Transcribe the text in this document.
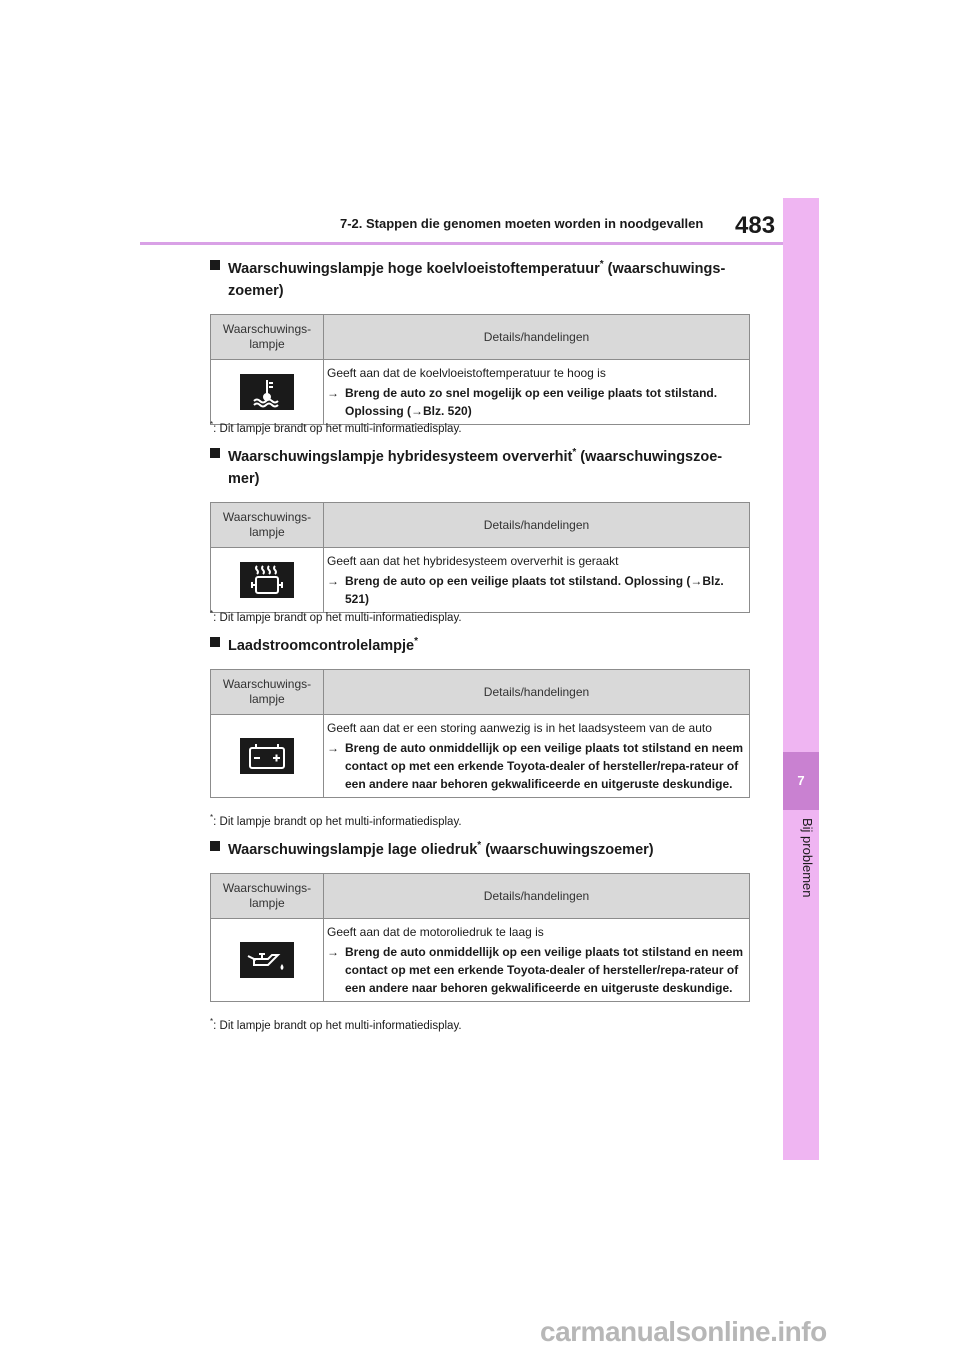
7-2. Stappen die genomen moeten worden in noodgevallen 483
7
Bij problemen
Waarschuwingslampje hoge koelvloeistoftemperatuur* (waarschuwings-
zoemer)
Waarschuwings-
lampje	Details/handelingen

Geeft aan dat de koelvloeistoftemperatuur te hoog is
→ Breng de auto zo snel mogelijk op een veilige plaats tot stilstand. Oplossing (→Blz. 520)
*: Dit lampje brandt op het multi-informatiedisplay.
Waarschuwingslampje hybridesysteem oververhit* (waarschuwingszoe-
mer)
Waarschuwings-
lampje	Details/handelingen

Geeft aan dat het hybridesysteem oververhit is geraakt
→ Breng de auto op een veilige plaats tot stilstand. Oplossing (→Blz. 521)
*: Dit lampje brandt op het multi-informatiedisplay.
Laadstroomcontrolelampje*
Waarschuwings-
lampje	Details/handelingen

Geeft aan dat er een storing aanwezig is in het laadsysteem van de auto
→ Breng de auto onmiddellijk op een veilige plaats tot stilstand en neem contact op met een erkende Toyota-dealer of hersteller/repa-rateur of een andere naar behoren gekwalificeerde en uitgeruste deskundige.
*: Dit lampje brandt op het multi-informatiedisplay.
Waarschuwingslampje lage oliedruk* (waarschuwingszoemer)
Waarschuwings-
lampje	Details/handelingen

Geeft aan dat de motoroliedruk te laag is
→ Breng de auto onmiddellijk op een veilige plaats tot stilstand en neem contact op met een erkende Toyota-dealer of hersteller/repa-rateur of een andere naar behoren gekwalificeerde en uitgeruste deskundige.
*: Dit lampje brandt op het multi-informatiedisplay.
carmanualsonline.info
